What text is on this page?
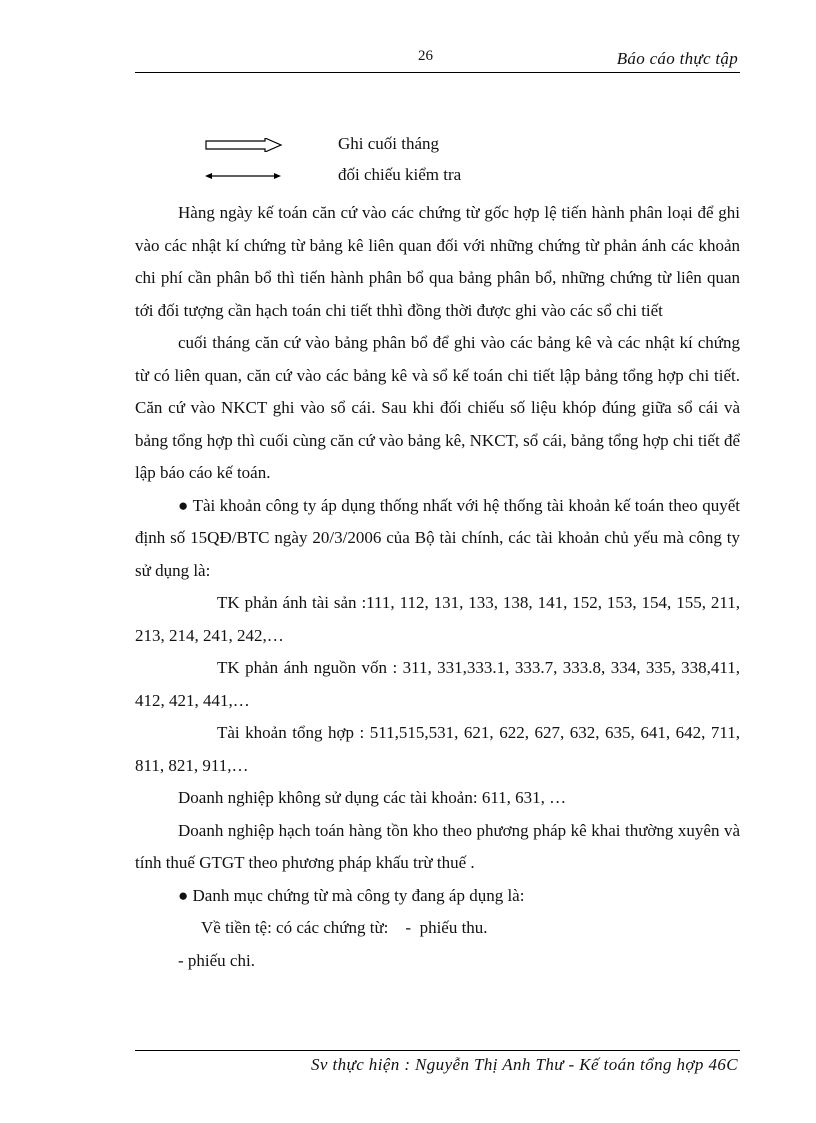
26	Báo cáo thực tập
Ghi cuối tháng
đối chiếu kiểm tra
Hàng ngày kế toán căn cứ vào các chứng từ gốc hợp lệ tiến hành phân loại để ghi vào các nhật kí chứng từ bảng kê liên quan đối với những chứng từ phản ánh các khoản chi phí cần phân bổ thì tiến hành phân bổ qua bảng phân bổ, những chứng từ liên quan tới đối tượng cần hạch toán chi tiết thhì đồng thời được ghi vào các sổ chi tiết
cuối tháng căn cứ vào bảng phân bổ để ghi vào các bảng kê và các nhật kí chứng từ có liên quan, căn cứ vào các bảng kê và sổ kế toán chi tiết lập bảng tổng hợp chi tiết. Căn cứ vào NKCT ghi vào sổ cái. Sau khi đối chiếu số liệu khóp đúng giữa sổ cái và bảng tổng hợp thì cuối cùng căn cứ vào bảng kê, NKCT, sổ cái, bảng tổng hợp chi tiết để lập báo cáo kế toán.
● Tài khoản công ty áp dụng thống nhất với hệ thống tài khoản kế toán theo quyết định số 15QĐ/BTC ngày 20/3/2006 của Bộ tài chính, các tài khoản chủ yếu mà công ty sử dụng là:
TK phản ánh tài sản :111, 112, 131, 133, 138, 141, 152, 153, 154, 155, 211, 213, 214, 241, 242,…
TK phản ánh nguồn vốn : 311, 331,333.1, 333.7, 333.8, 334, 335, 338,411, 412, 421, 441,…
Tài khoản tổng hợp : 511,515,531, 621, 622, 627, 632, 635, 641, 642, 711, 811, 821, 911,…
Doanh nghiệp không sử dụng các tài khoản: 611, 631, …
Doanh nghiệp hạch toán hàng tồn kho theo phương pháp kê khai thường xuyên và tính thuế GTGT theo phương pháp khấu trừ thuế .
● Danh mục chứng từ mà công ty đang áp dụng là:
Về tiền tệ: có các chứng từ:    -  phiếu thu.
- phiếu chi.
Sv thực hiện : Nguyễn Thị Anh Thư - Kế toán tổng hợp 46C
